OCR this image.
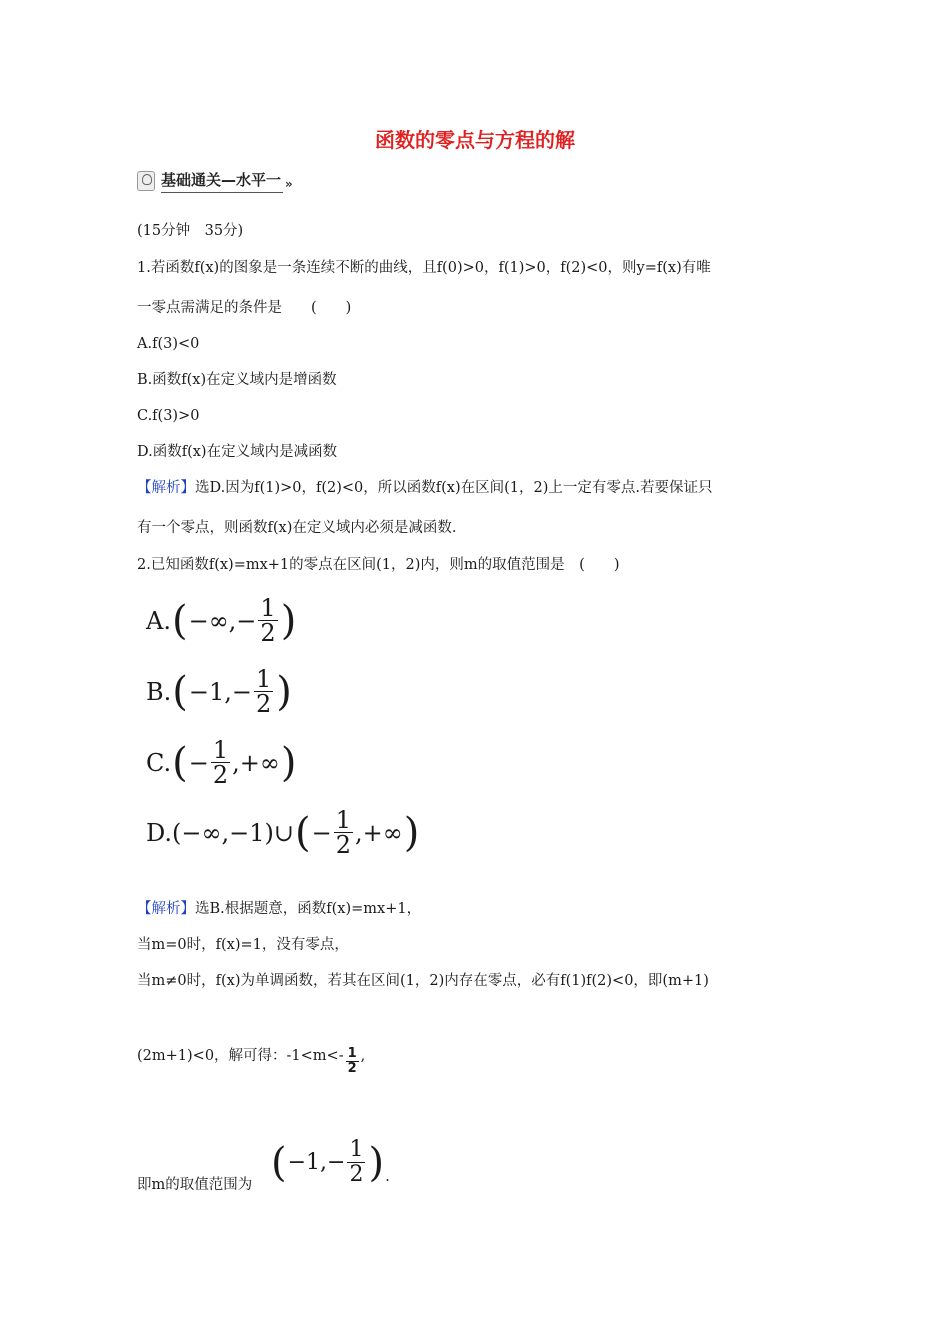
函数的零点与方程的解
基础通关—水平一 »
(15分钟　35分)
1.若函数f(x)的图象是一条连续不断的曲线，且f(0)>0，f(1)>0，f(2)<0，则y=f(x)有唯
一零点需满足的条件是　　(　　)
A.f(3)<0
B.函数f(x)在定义域内是增函数
C.f(3)>0
D.函数f(x)在定义域内是减函数
【解析】选D.因为f(1)>0，f(2)<0，所以函数f(x)在区间(1，2)上一定有零点.若要保证只
有一个零点，则函数f(x)在定义域内必须是减函数.
2.已知函数f(x)=mx+1的零点在区间(1，2)内，则m的取值范围是　(　　)
A. ( −∞,− $\frac{1}{2}$ )
B. ( $-1,- \frac{1}{2}$ )
C. ( − $\frac{1}{2}$ ,+∞ )
D. (−∞,−1)∪ ( − $\frac{1}{2}$ ,+∞ )
【解析】选B.根据题意，函数f(x)=mx+1，
当m=0时，f(x)=1，没有零点，
当m≠0时，f(x)为单调函数，若其在区间(1，2)内存在零点，必有f(1)f(2)<0，即(m+1)
(2m+1)<0，解可得：$-1<m<- \frac{1}{2}$ ,
即m的取值范围为 ( $-1,- \frac{1}{2}$ ) .
